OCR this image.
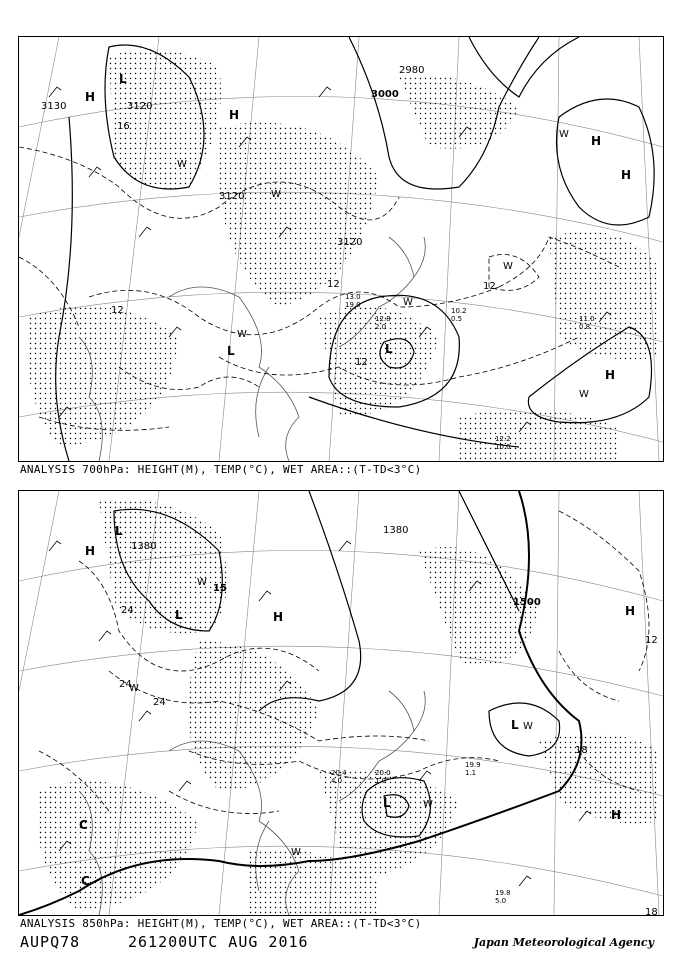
3130	3120
3120
3000
2980
3120
16
12
12
12
12
H
L
H
H
H
L
L
H
W
W
W
W
W
W
W
12.2
10.0
11.0
0.8
10.2
0.5
13.0
19.0
12.8
2.0
ANALYSIS 700hPa: HEIGHT(M), TEMP(°C), WET AREA::(T-TD<3°C)
1380
1380
1500
15
24
24
24
18
12
18
H
L
L	H
L
L
H
H
C
C
W
W
W
W
W
19.8
5.0
20.0
1.0
19.9
1.1
20.4
4.0
ANALYSIS 850hPa: HEIGHT(M), TEMP(°C), WET AREA::(T-TD<3°C)
AUPQ78	261200UTC AUG 2016	Japan Meteorological Agency
